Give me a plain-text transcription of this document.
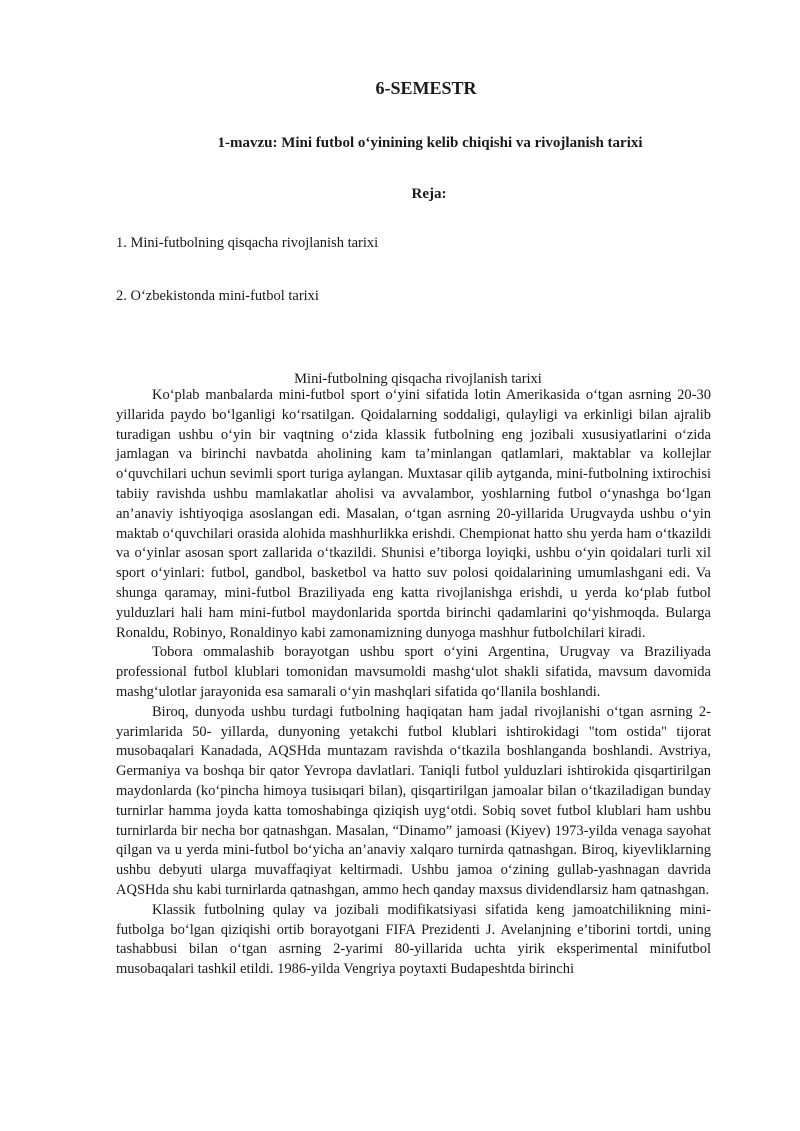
6-SEMESTR
1-mavzu: Mini futbol o‘yinining kelib chiqishi va rivojlanish tarixi
Reja:
1. Mini-futbolning qisqacha rivojlanish tarixi
2. O‘zbekistonda mini-futbol tarixi
Mini-futbolning qisqacha rivojlanish tarixi

Ko‘plab manbalarda mini-futbol sport o‘yini sifatida lotin Amerikasida o‘tgan asrning 20-30 yillarida paydo bo‘lganligi ko‘rsatilgan. Qoidalarning soddaligi, qulayligi va erkinligi bilan ajralib turadigan ushbu o‘yin bir vaqtning o‘zida klassik futbolning eng jozibali xususiyatlarini o‘zida jamlagan va birinchi navbatda aholining kam ta’minlangan qatlamlari, maktablar va kollejlar o‘quvchilari uchun sevimli sport turiga aylangan. Muxtasar qilib aytganda, mini-futbolning ixtirochisi tabiiy ravishda ushbu mamlakatlar aholisi va avvalambor, yoshlarning futbol o‘ynashga bo‘lgan an’anaviy ishtiyoqiga asoslangan edi. Masalan, o‘tgan asrning 20-yillarida Urugvayda ushbu o‘yin maktab o‘quvchilari orasida alohida mashhurlikka erishdi. Chempionat hatto shu yerda ham o‘tkazildi va o‘yinlar asosan sport zallarida o‘tkazildi. Shunisi e’tiborga loyiqki, ushbu o‘yin qoidalari turli xil sport o‘yinlari: futbol, gandbol, basketbol va hatto suv polosi qoidalarining umumlashgani edi. Va shunga qaramay, mini-futbol Braziliyada eng katta rivojlanishga erishdi, u yerda ko‘plab futbol yulduzlari hali ham mini-futbol maydonlarida sportda birinchi qadamlarini qo‘yishmoqda. Bularga Ronaldu, Robinyo, Ronaldinyo kabi zamonamizning dunyoga mashhur futbolchilari kiradi.

Tobora ommalashib borayotgan ushbu sport o‘yini Argentina, Urugvay va Braziliyada professional futbol klublari tomonidan mavsumoldi mashg‘ulot shakli sifatida, mavsum davomida mashg‘ulotlar jarayonida esa samarali o‘yin mashqlari sifatida qo‘llanila boshlandi.

Biroq, dunyoda ushbu turdagi futbolning haqiqatan ham jadal rivojlanishi o‘tgan asrning 2-yarimlarida 50- yillarda, dunyoning yetakchi futbol klublari ishtirokidagi "tom ostida" tijorat musobaqalari Kanadada, AQSHda muntazam ravishda o‘tkazila boshlanganda boshlandi. Avstriya, Germaniya va boshqa bir qator Yevropa davlatlari. Taniqli futbol yulduzlari ishtirokida qisqartirilgan maydonlarda (ko‘pincha himoya tusiыqari bilan), qisqartirilgan jamoalar bilan o‘tkaziladigan bunday turnirlar hamma joyda katta tomoshabinga qiziqish uyg‘otdi. Sobiq sovet futbol klublari ham ushbu turnirlarda bir necha bor qatnashgan. Masalan, “Dinamo” jamoasi (Kiyev) 1973-yilda venaga sayohat qilgan va u yerda mini-futbol bo‘yicha an’anaviy xalqaro turnirda qatnashgan. Biroq, kiyevliklarning ushbu debyuti ularga muvaffaqiyat keltirmadi. Ushbu jamoa o‘zining gullab-yashnagan davrida AQSHda shu kabi turnirlarda qatnashgan, ammo hech qanday maxsus dividendlarsiz ham qatnashgan.

Klassik futbolning qulay va jozibali modifikatsiyasi sifatida keng jamoatchilikning mini-futbolga bo‘lgan qiziqishi ortib borayotgani FIFA Prezidenti J. Avelanjning e’tiborini tortdi, uning tashabbusi bilan o‘tgan asrning 2-yarimi 80-yillarida uchta yirik eksperimental minifutbol musobaqalari tashkil etildi. 1986-yilda Vengriya poytaxti Budapeshtda birinchi
